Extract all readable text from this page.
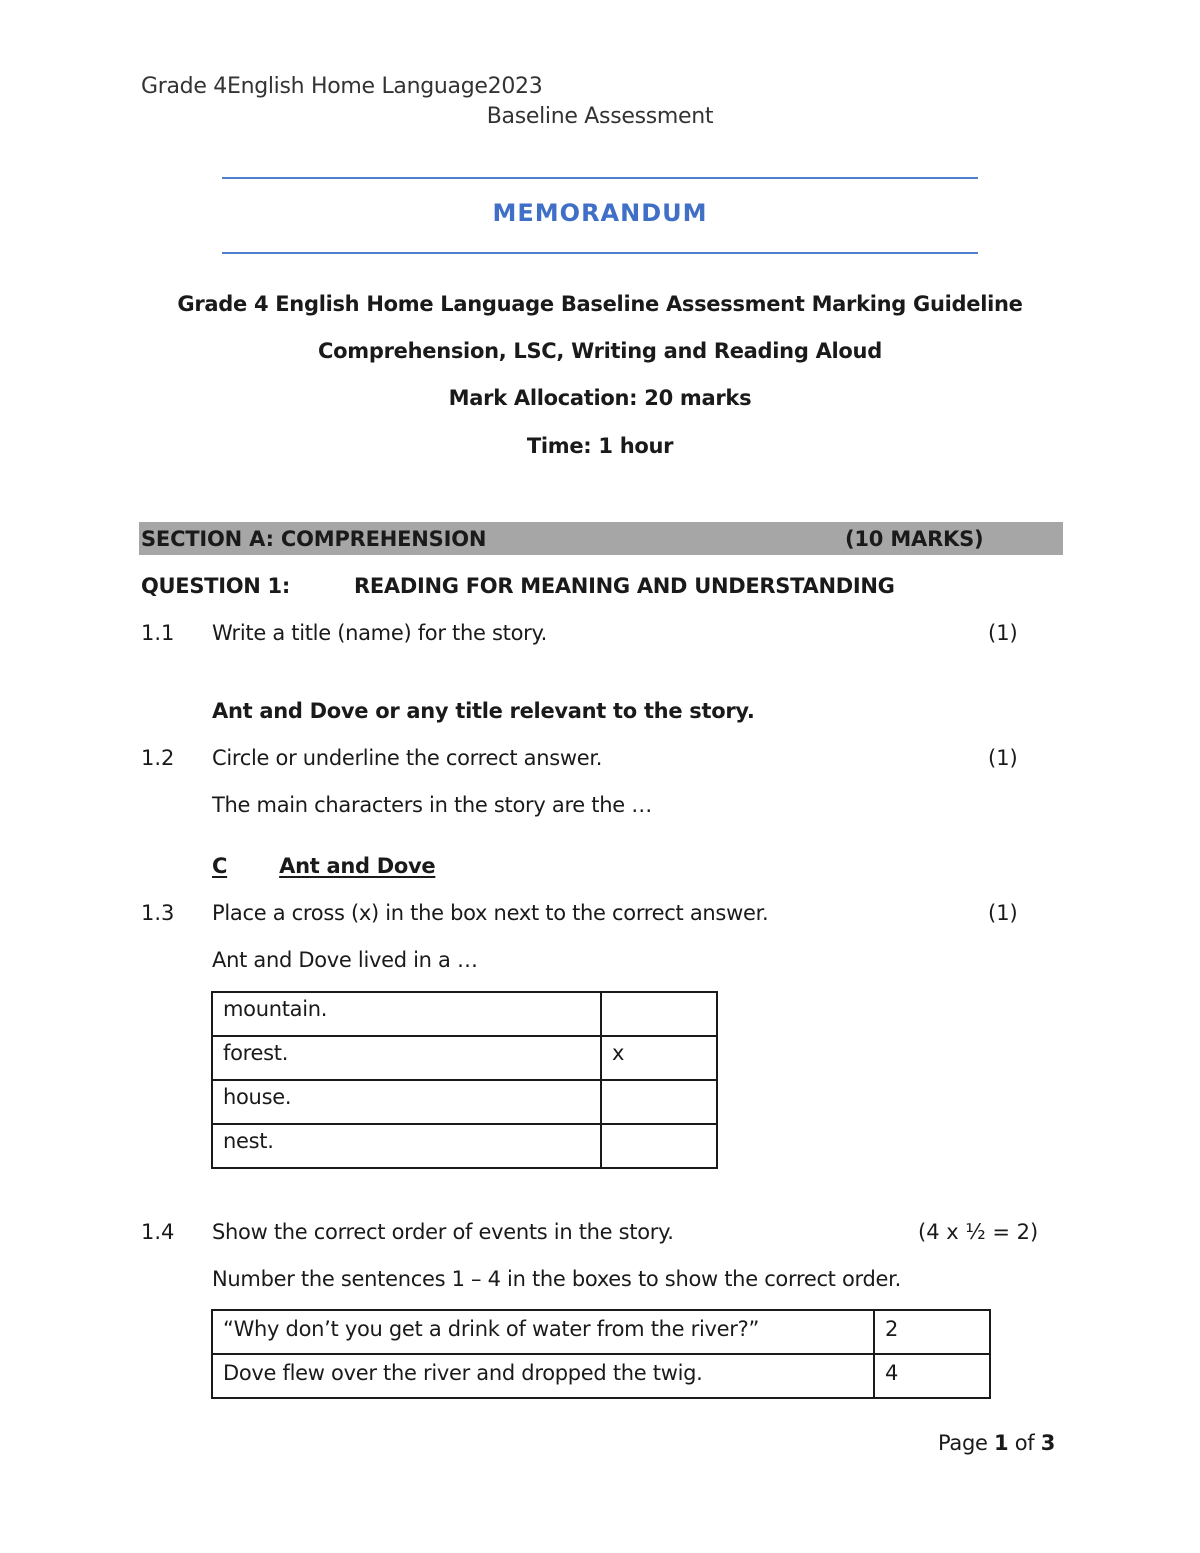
Grade 4English Home Language2023
Baseline Assessment
MEMORANDUM
Grade 4 English Home Language Baseline Assessment Marking Guideline
Comprehension, LSC, Writing and Reading Aloud
Mark Allocation: 20 marks
Time: 1 hour
SECTION A: COMPREHENSION	(10 MARKS)
QUESTION 1:	READING FOR MEANING AND UNDERSTANDING
1.1 Write a title (name) for the story.	(1)
Ant and Dove or any title relevant to the story.
1.2 Circle or underline the correct answer.	(1)
The main characters in the story are the …
C Ant and Dove
1.3 Place a cross (x) in the box next to the correct answer.	(1)
Ant and Dove lived in a …
mountain.	
forest.	x
house.	
nest.	
1.4 Show the correct order of events in the story.	(4 x ½ = 2)
Number the sentences 1 – 4 in the boxes to show the correct order.
“Why don’t you get a drink of water from the river?”	2
Dove flew over the river and dropped the twig.	4
Page 1 of 3
